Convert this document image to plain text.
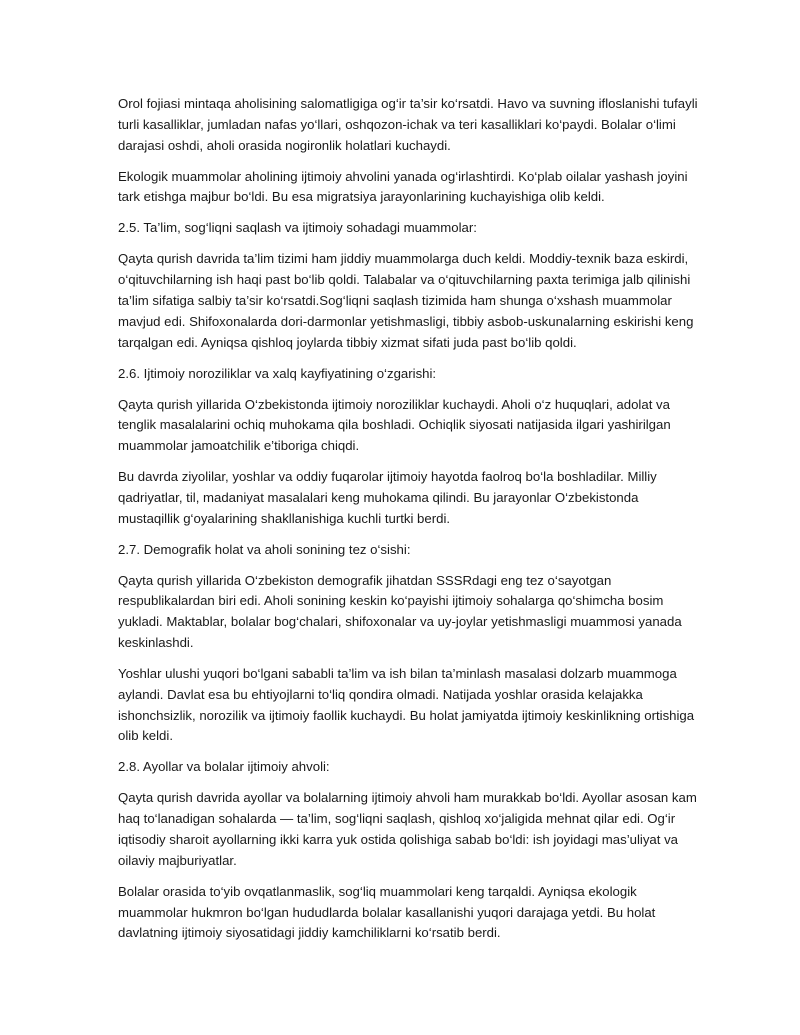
Orol fojiasi mintaqa aholisining salomatligiga og‘ir ta’sir ko‘rsatdi. Havo va suvning ifloslanishi tufayli turli kasalliklar, jumladan nafas yo‘llari, oshqozon-ichak va teri kasalliklari ko‘paydi. Bolalar o‘limi darajasi oshdi, aholi orasida nogironlik holatlari kuchaydi.

Ekologik muammolar aholining ijtimoiy ahvolini yanada og‘irlashtirdi. Ko‘plab oilalar yashash joyini tark etishga majbur bo‘ldi. Bu esa migratsiya jarayonlarining kuchayishiga olib keldi.

2.5. Ta’lim, sog‘liqni saqlash va ijtimoiy sohadagi muammolar:

Qayta qurish davrida ta’lim tizimi ham jiddiy muammolarga duch keldi. Moddiy-texnik baza eskirdi, o‘qituvchilarning ish haqi past bo‘lib qoldi. Talabalar va o‘qituvchilarning paxta terimiga jalb qilinishi ta’lim sifatiga salbiy ta’sir ko‘rsatdi.Sog‘liqni saqlash tizimida ham shunga o‘xshash muammolar mavjud edi. Shifoxonalarda dori-darmonlar yetishmasligi, tibbiy asbob-uskunalarning eskirishi keng tarqalgan edi. Ayniqsa qishloq joylarda tibbiy xizmat sifati juda past bo‘lib qoldi.

2.6. Ijtimoiy noroziliklar va xalq kayfiyatining o‘zgarishi:

Qayta qurish yillarida O‘zbekistonda ijtimoiy noroziliklar kuchaydi. Aholi o‘z huquqlari, adolat va tenglik masalalarini ochiq muhokama qila boshladi. Ochiqlik siyosati natijasida ilgari yashirilgan muammolar jamoatchilik e’tiboriga chiqdi.

Bu davrda ziyolilar, yoshlar va oddiy fuqarolar ijtimoiy hayotda faolroq bo‘la boshladilar. Milliy qadriyatlar, til, madaniyat masalalari keng muhokama qilindi. Bu jarayonlar O‘zbekistonda mustaqillik g‘oyalarining shakllanishiga kuchli turtki berdi.

2.7. Demografik holat va aholi sonining tez o‘sishi:

Qayta qurish yillarida O‘zbekiston demografik jihatdan SSSRdagi eng tez o‘sayotgan respublikalardan biri edi. Aholi sonining keskin ko‘payishi ijtimoiy sohalarga qo‘shimcha bosim yukladi. Maktablar, bolalar bog‘chalari, shifoxonalar va uy-joylar yetishmasligi muammosi yanada keskinlashdi.

Yoshlar ulushi yuqori bo‘lgani sababli ta’lim va ish bilan ta’minlash masalasi dolzarb muammoga aylandi. Davlat esa bu ehtiyojlarni to‘liq qondira olmadi. Natijada yoshlar orasida kelajakka ishonchsizlik, norozilik va ijtimoiy faollik kuchaydi. Bu holat jamiyatda ijtimoiy keskinlikning ortishiga olib keldi.

2.8. Ayollar va bolalar ijtimoiy ahvoli:

Qayta qurish davrida ayollar va bolalarning ijtimoiy ahvoli ham murakkab bo‘ldi. Ayollar asosan kam haq to‘lanadigan sohalarda — ta’lim, sog‘liqni saqlash, qishloq xo‘jaligida mehnat qilar edi. Og‘ir iqtisodiy sharoit ayollarning ikki karra yuk ostida qolishiga sabab bo‘ldi: ish joyidagi mas’uliyat va oilaviy majburiyatlar.

Bolalar orasida to‘yib ovqatlanmaslik, sog‘liq muammolari keng tarqaldi. Ayniqsa ekologik muammolar hukmron bo‘lgan hududlarda bolalar kasallanishi yuqori darajaga yetdi. Bu holat davlatning ijtimoiy siyosatidagi jiddiy kamchiliklarni ko‘rsatib berdi.
